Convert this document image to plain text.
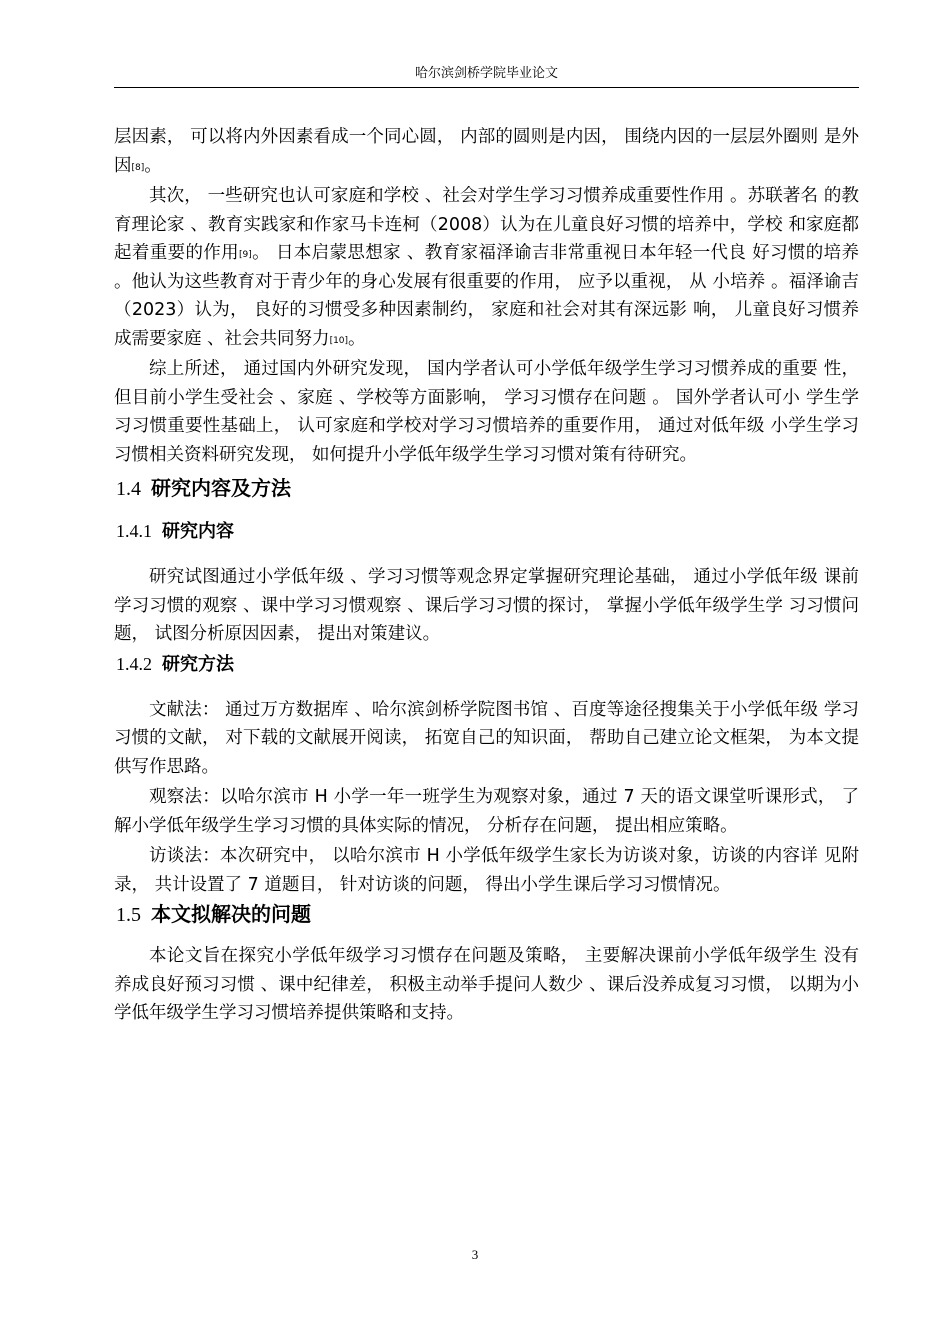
哈尔滨剑桥学院毕业论文

层因素， 可以将内外因素看成一个同心圆， 内部的圆则是内因， 围绕内因的一层层外圈则 是外因[8]。

其次， 一些研究也认可家庭和学校 、社会对学生学习习惯养成重要性作用 。苏联著名 的教育理论家 、教育实践家和作家马卡连柯（2008）认为在儿童良好习惯的培养中，学校 和家庭都起着重要的作用[9]。 日本启蒙思想家 、教育家福泽谕吉非常重视日本年轻一代良 好习惯的培养 。他认为这些教育对于青少年的身心发展有很重要的作用， 应予以重视， 从 小培养 。福泽谕吉（2023）认为， 良好的习惯受多种因素制约， 家庭和社会对其有深远影 响， 儿童良好习惯养成需要家庭 、社会共同努力[10]。

综上所述， 通过国内外研究发现， 国内学者认可小学低年级学生学习习惯养成的重要 性， 但目前小学生受社会 、家庭 、学校等方面影响， 学习习惯存在问题 。 国外学者认可小 学生学习习惯重要性基础上， 认可家庭和学校对学习习惯培养的重要作用， 通过对低年级 小学生学习习惯相关资料研究发现， 如何提升小学低年级学生学习习惯对策有待研究。

1.4 研究内容及方法
1.4.1 研究内容

研究试图通过小学低年级 、学习习惯等观念界定掌握研究理论基础， 通过小学低年级 课前学习习惯的观察 、课中学习习惯观察 、课后学习习惯的探讨， 掌握小学低年级学生学 习习惯问题， 试图分析原因因素， 提出对策建议。

1.4.2 研究方法

文献法： 通过万方数据库 、哈尔滨剑桥学院图书馆 、百度等途径搜集关于小学低年级 学习习惯的文献， 对下载的文献展开阅读， 拓宽自己的知识面， 帮助自己建立论文框架， 为本文提供写作思路。

观察法：以哈尔滨市 H 小学一年一班学生为观察对象，通过 7 天的语文课堂听课形式， 了解小学低年级学生学习习惯的具体实际的情况， 分析存在问题， 提出相应策略。

访谈法：本次研究中， 以哈尔滨市 H 小学低年级学生家长为访谈对象，访谈的内容详 见附录， 共计设置了 7 道题目， 针对访谈的问题， 得出小学生课后学习习惯情况。

1.5 本文拟解决的问题

本论文旨在探究小学低年级学习习惯存在问题及策略， 主要解决课前小学低年级学生 没有养成良好预习习惯 、课中纪律差， 积极主动举手提问人数少 、课后没养成复习习惯， 以期为小学低年级学生学习习惯培养提供策略和支持。

3
